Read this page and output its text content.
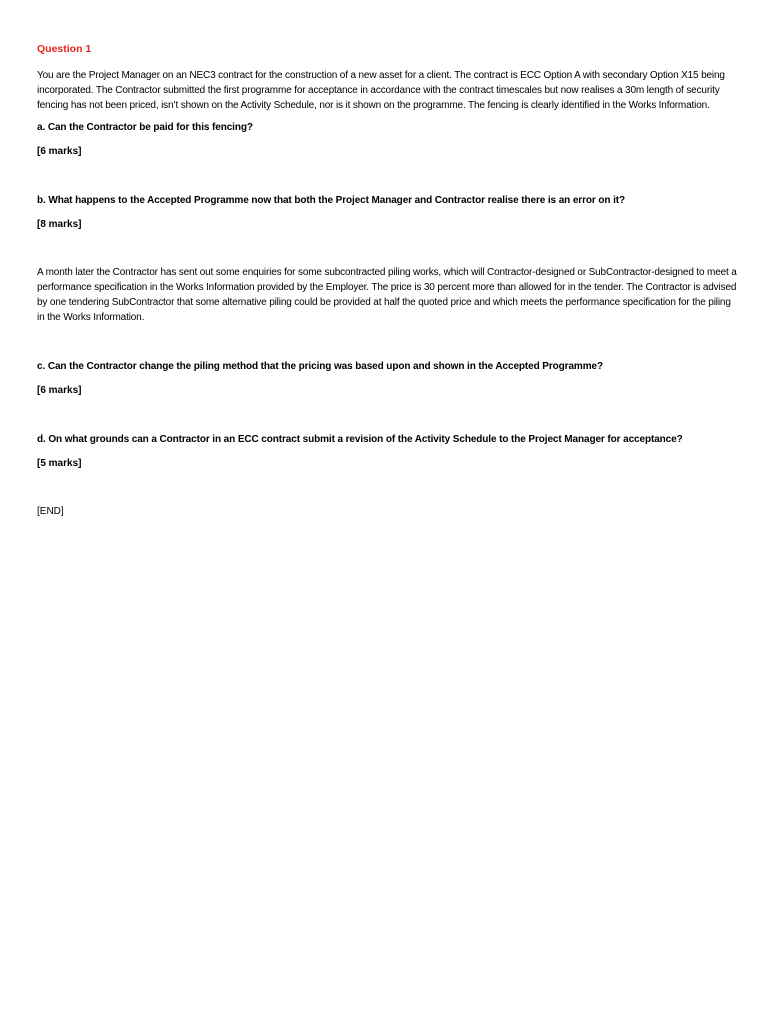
Question 1

You are the Project Manager on an NEC3 contract for the construction of a new asset for a client. The contract is ECC Option A with secondary Option X15 being incorporated. The Contractor submitted the first programme for acceptance in accordance with the contract timescales but now realises a 30m length of security fencing has not been priced, isn’t shown on the Activity Schedule, nor is it shown on the programme. The fencing is clearly identified in the Works Information.

a. Can the Contractor be paid for this fencing?

[6 marks]

b. What happens to the Accepted Programme now that both the Project Manager and Contractor realise there is an error on it?

[8 marks]

A month later the Contractor has sent out some enquiries for some subcontracted piling works, which will Contractor-designed or SubContractor-designed to meet a performance specification in the Works Information provided by the Employer. The price is 30 percent more than allowed for in the tender. The Contractor is advised by one tendering SubContractor that some alternative piling could be provided at half the quoted price and which meets the performance specification for the piling in the Works Information.

c. Can the Contractor change the piling method that the pricing was based upon and shown in the Accepted Programme?

[6 marks]

d. On what grounds can a Contractor in an ECC contract submit a revision of the Activity Schedule to the Project Manager for acceptance?

[5 marks]

[END]
